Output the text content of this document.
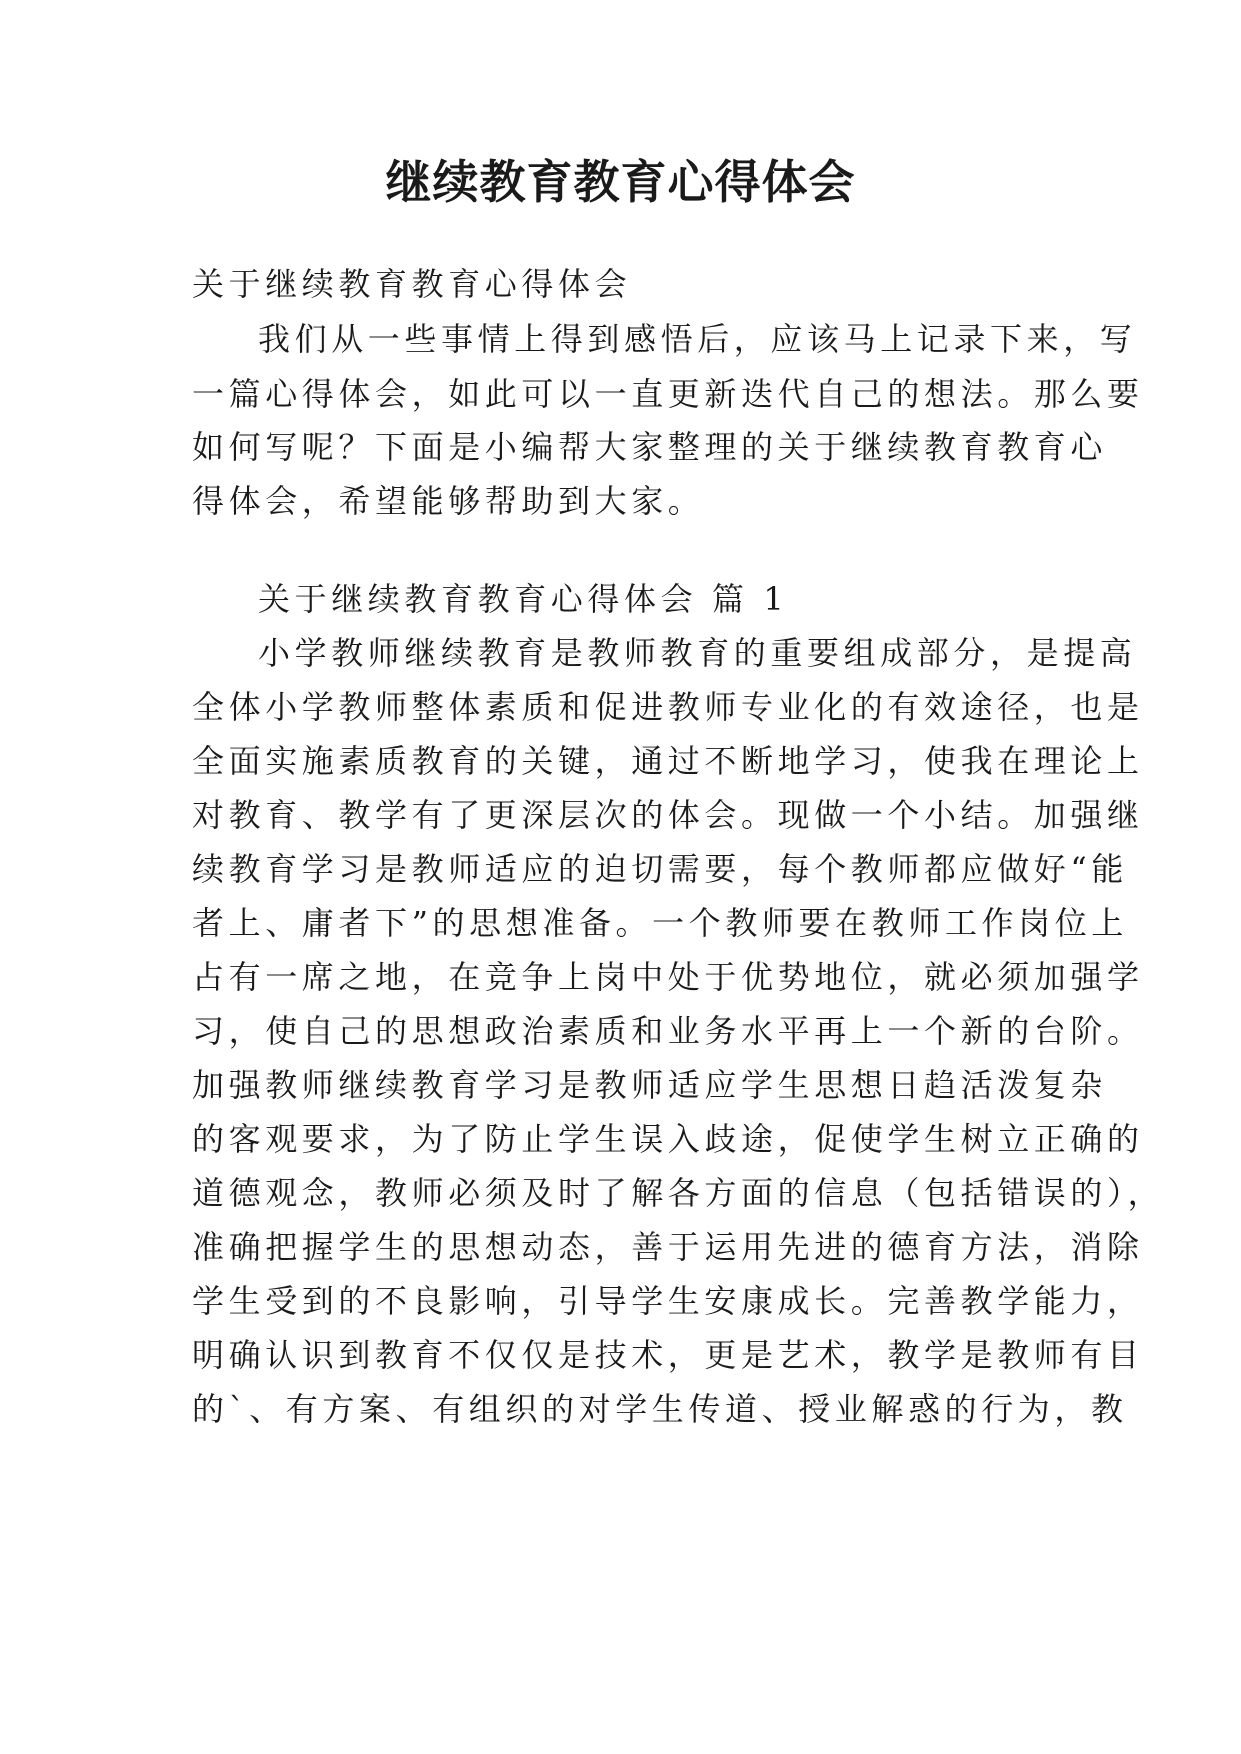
继续教育教育心得体会
关于继续教育教育心得体会
我们从一些事情上得到感悟后，应该马上记录下来，写
一篇心得体会，如此可以一直更新迭代自己的想法。那么要
如何写呢？下面是小编帮大家整理的关于继续教育教育心
得体会，希望能够帮助到大家。
关于继续教育教育心得体会 篇 1
小学教师继续教育是教师教育的重要组成部分，是提高
全体小学教师整体素质和促进教师专业化的有效途径，也是
全面实施素质教育的关键，通过不断地学习，使我在理论上
对教育、教学有了更深层次的体会。现做一个小结。加强继
续教育学习是教师适应的迫切需要，每个教师都应做好“能
者上、庸者下”的思想准备。一个教师要在教师工作岗位上
占有一席之地，在竞争上岗中处于优势地位，就必须加强学
习，使自己的思想政治素质和业务水平再上一个新的台阶。
加强教师继续教育学习是教师适应学生思想日趋活泼复杂
的客观要求，为了防止学生误入歧途，促使学生树立正确的
道德观念，教师必须及时了解各方面的信息（包括错误的），
准确把握学生的思想动态，善于运用先进的德育方法，消除
学生受到的不良影响，引导学生安康成长。完善教学能力，
明确认识到教育不仅仅是技术，更是艺术，教学是教师有目
的`、有方案、有组织的对学生传道、授业解惑的行为，教
